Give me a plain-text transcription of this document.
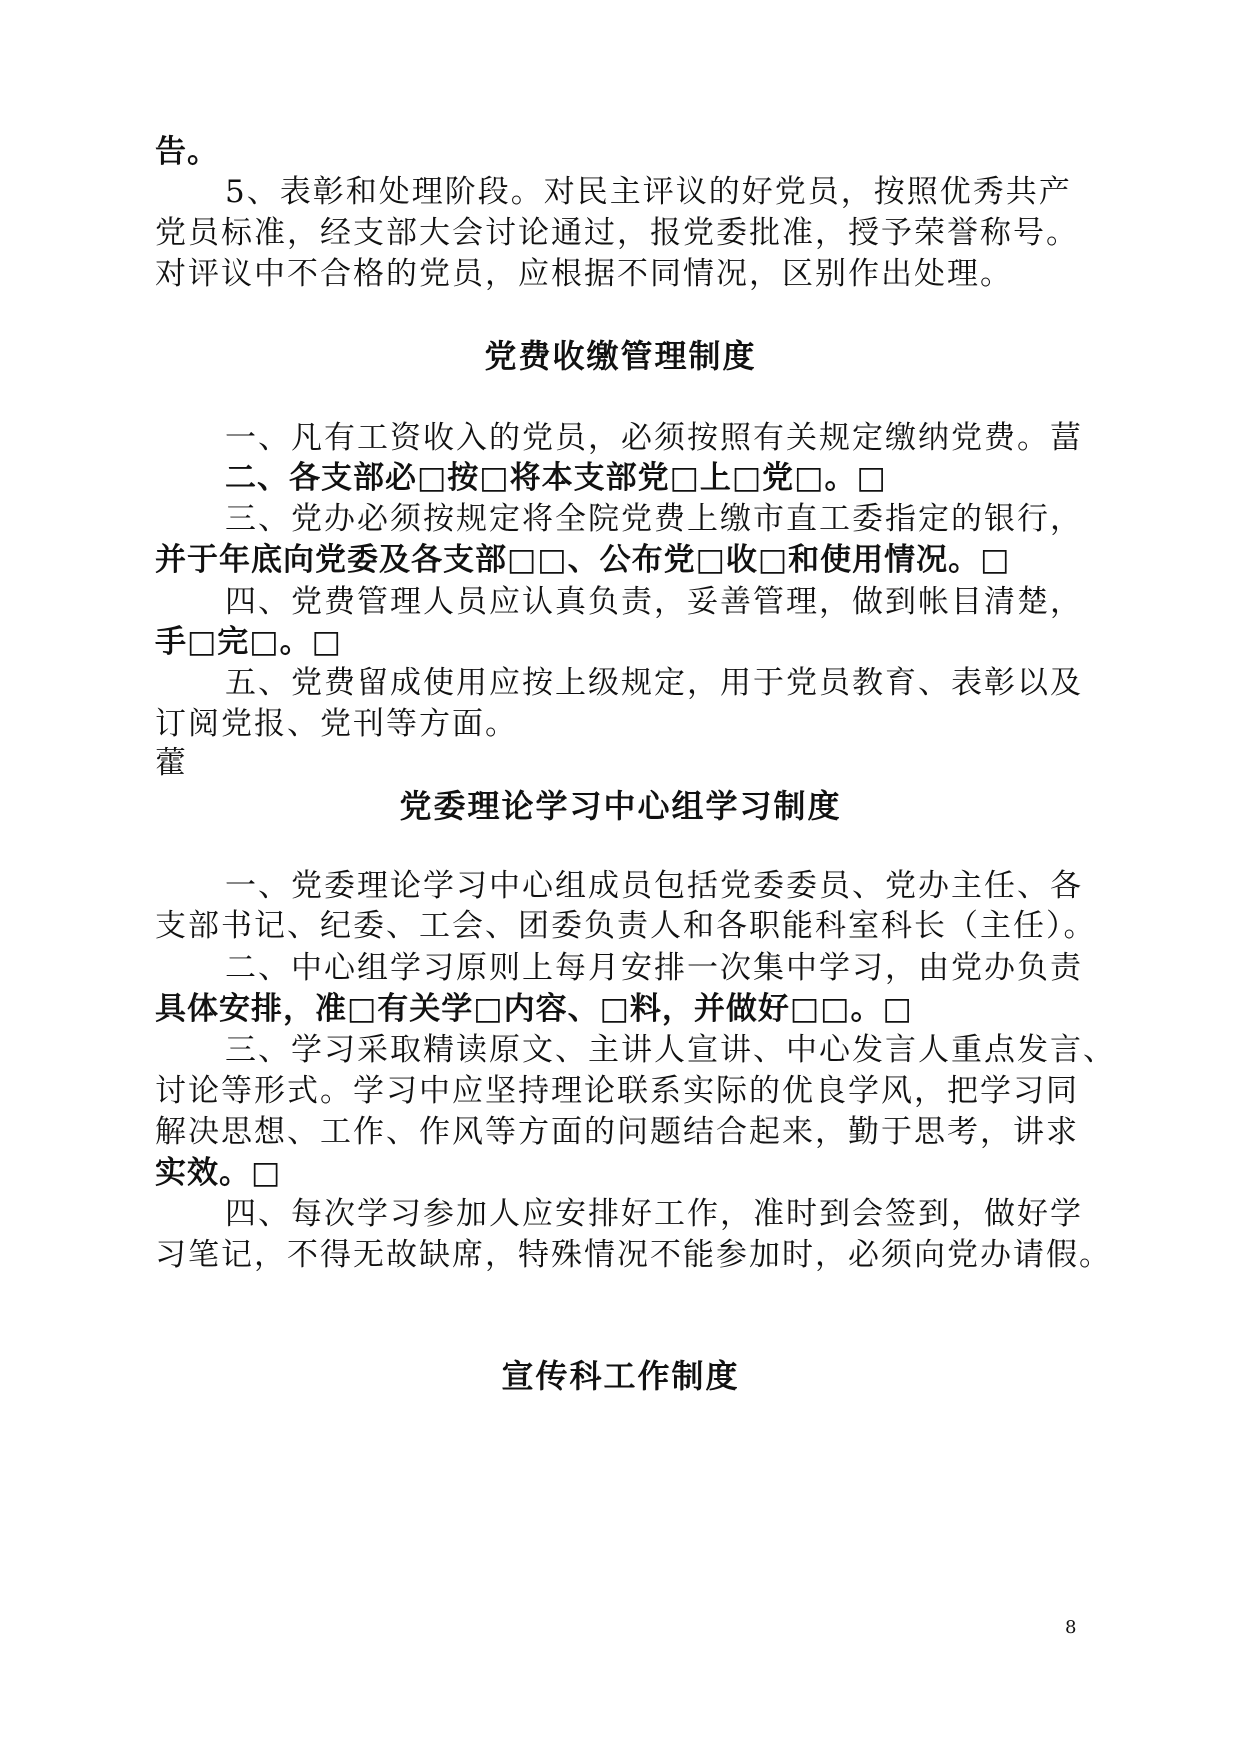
告。
5、表彰和处理阶段。对民主评议的好党员，按照优秀共产
党员标准，经支部大会讨论通过，报党委批准，授予荣誉称号。
对评议中不合格的党员，应根据不同情况，区别作出处理。
党费收缴管理制度
一、凡有工资收入的党员，必须按照有关规定缴纳党费。葍
二、各支部必□按□将本支部党□上□党□。□
三、党办必须按规定将全院党费上缴市直工委指定的银行，
并于年底向党委及各支部□□、公布党□收□和使用情况。□
四、党费管理人员应认真负责，妥善管理，做到帐目清楚，
手□完□。□
五、党费留成使用应按上级规定，用于党员教育、表彰以及
订阅党报、党刊等方面。
藿
党委理论学习中心组学习制度
一、党委理论学习中心组成员包括党委委员、党办主任、各
支部书记、纪委、工会、团委负责人和各职能科室科长（主任）。
二、中心组学习原则上每月安排一次集中学习，由党办负责
具体安排，准□有关学□内容、□料，并做好□□。□
三、学习采取精读原文、主讲人宣讲、中心发言人重点发言、
讨论等形式。学习中应坚持理论联系实际的优良学风，把学习同
解决思想、工作、作风等方面的问题结合起来，勤于思考，讲求
实效。□
四、每次学习参加人应安排好工作，准时到会签到，做好学
习笔记，不得无故缺席，特殊情况不能参加时，必须向党办请假。
宣传科工作制度
8
